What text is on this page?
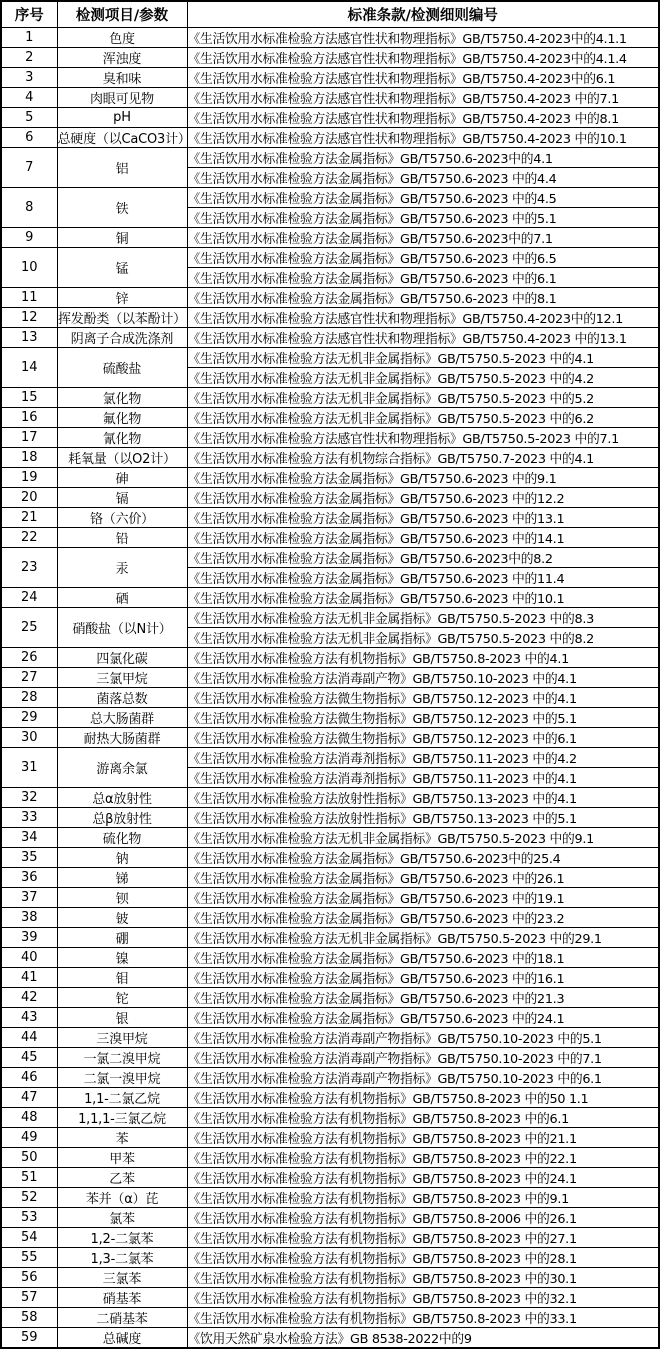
序号	检测项目/参数	标准条款/检测细则编号
1	色度	《生活饮用水标准检验方法感官性状和物理指标》GB/T5750.4-2023中的4.1.1
2	浑浊度	《生活饮用水标准检验方法感官性状和物理指标》GB/T5750.4-2023中的4.1.4
3	臭和味	《生活饮用水标准检验方法感官性状和物理指标》GB/T5750.4-2023中的6.1
4	肉眼可见物	《生活饮用水标准检验方法感官性状和物理指标》GB/T5750.4-2023 中的7.1
5	pH	《生活饮用水标准检验方法感官性状和物理指标》GB/T5750.4-2023 中的8.1
6	总硬度（以CaCO3计）	《生活饮用水标准检验方法感官性状和物理指标》GB/T5750.4-2023 中的10.1
7	铝	《生活饮用水标准检验方法金属指标》GB/T5750.6-2023中的4.1
		《生活饮用水标准检验方法金属指标》GB/T5750.6-2023 中的4.4
8	铁	《生活饮用水标准检验方法金属指标》GB/T5750.6-2023 中的4.5
		《生活饮用水标准检验方法金属指标》GB/T5750.6-2023 中的5.1
9	铜	《生活饮用水标准检验方法金属指标》GB/T5750.6-2023中的7.1
10	锰	《生活饮用水标准检验方法金属指标》GB/T5750.6-2023 中的6.5
		《生活饮用水标准检验方法金属指标》GB/T5750.6-2023 中的6.1
11	锌	《生活饮用水标准检验方法金属指标》GB/T5750.6-2023 中的8.1
12	挥发酚类（以苯酚计）	《生活饮用水标准检验方法感官性状和物理指标》GB/T5750.4-2023中的12.1
13	阴离子合成洗涤剂	《生活饮用水标准检验方法感官性状和物理指标》GB/T5750.4-2023 中的13.1
14	硫酸盐	《生活饮用水标准检验方法无机非金属指标》GB/T5750.5-2023 中的4.1
		《生活饮用水标准检验方法无机非金属指标》GB/T5750.5-2023 中的4.2
15	氯化物	《生活饮用水标准检验方法无机非金属指标》GB/T5750.5-2023 中的5.2
16	氟化物	《生活饮用水标准检验方法无机非金属指标》GB/T5750.5-2023 中的6.2
17	氰化物	《生活饮用水标准检验方法感官性状和物理指标》GB/T5750.5-2023 中的7.1
18	耗氧量（以O2计）	《生活饮用水标准检验方法有机物综合指标》GB/T5750.7-2023 中的4.1
19	砷	《生活饮用水标准检验方法金属指标》GB/T5750.6-2023 中的9.1
20	镉	《生活饮用水标准检验方法金属指标》GB/T5750.6-2023 中的12.2
21	铬（六价）	《生活饮用水标准检验方法金属指标》GB/T5750.6-2023 中的13.1
22	铅	《生活饮用水标准检验方法金属指标》GB/T5750.6-2023 中的14.1
23	汞	《生活饮用水标准检验方法金属指标》GB/T5750.6-2023中的8.2
		《生活饮用水标准检验方法金属指标》GB/T5750.6-2023 中的11.4
24	硒	《生活饮用水标准检验方法金属指标》GB/T5750.6-2023 中的10.1
25	硝酸盐（以N计）	《生活饮用水标准检验方法无机非金属指标》GB/T5750.5-2023 中的8.3
		《生活饮用水标准检验方法无机非金属指标》GB/T5750.5-2023 中的8.2
26	四氯化碳	《生活饮用水标准检验方法有机物指标》GB/T5750.8-2023 中的4.1
27	三氯甲烷	《生活饮用水标准检验方法消毒副产物》GB/T5750.10-2023 中的4.1
28	菌落总数	《生活饮用水标准检验方法微生物指标》GB/T5750.12-2023 中的4.1
29	总大肠菌群	《生活饮用水标准检验方法微生物指标》GB/T5750.12-2023 中的5.1
30	耐热大肠菌群	《生活饮用水标准检验方法微生物指标》GB/T5750.12-2023 中的6.1
31	游离余氯	《生活饮用水标准检验方法消毒剂指标》GB/T5750.11-2023 中的4.2
		《生活饮用水标准检验方法消毒剂指标》GB/T5750.11-2023 中的4.1
32	总α放射性	《生活饮用水标准检验方法放射性指标》GB/T5750.13-2023 中的4.1
33	总β放射性	《生活饮用水标准检验方法放射性指标》GB/T5750.13-2023 中的5.1
34	硫化物	《生活饮用水标准检验方法无机非金属指标》GB/T5750.5-2023 中的9.1
35	钠	《生活饮用水标准检验方法金属指标》GB/T5750.6-2023中的25.4
36	锑	《生活饮用水标准检验方法金属指标》GB/T5750.6-2023 中的26.1
37	钡	《生活饮用水标准检验方法金属指标》GB/T5750.6-2023 中的19.1
38	铍	《生活饮用水标准检验方法金属指标》GB/T5750.6-2023 中的23.2
39	硼	《生活饮用水标准检验方法无机非金属指标》GB/T5750.5-2023 中的29.1
40	镍	《生活饮用水标准检验方法金属指标》GB/T5750.6-2023 中的18.1
41	钼	《生活饮用水标准检验方法金属指标》GB/T5750.6-2023 中的16.1
42	铊	《生活饮用水标准检验方法金属指标》GB/T5750.6-2023 中的21.3
43	银	《生活饮用水标准检验方法金属指标》GB/T5750.6-2023 中的24.1
44	三溴甲烷	《生活饮用水标准检验方法消毒副产物指标》GB/T5750.10-2023 中的5.1
45	一氯二溴甲烷	《生活饮用水标准检验方法消毒副产物指标》GB/T5750.10-2023 中的7.1
46	二氯一溴甲烷	《生活饮用水标准检验方法消毒副产物指标》GB/T5750.10-2023 中的6.1
47	1,1-二氯乙烷	《生活饮用水标准检验方法有机物指标》GB/T5750.8-2023 中的50 1.1
48	1,1,1-三氯乙烷	《生活饮用水标准检验方法有机物指标》GB/T5750.8-2023 中的6.1
49	苯	《生活饮用水标准检验方法有机物指标》GB/T5750.8-2023 中的21.1
50	甲苯	《生活饮用水标准检验方法有机物指标》GB/T5750.8-2023 中的22.1
51	乙苯	《生活饮用水标准检验方法有机物指标》GB/T5750.8-2023 中的24.1
52	苯并（α）芘	《生活饮用水标准检验方法有机物指标》GB/T5750.8-2023 中的9.1
53	氯苯	《生活饮用水标准检验方法有机物指标》GB/T5750.8-2006 中的26.1
54	1,2-二氯苯	《生活饮用水标准检验方法有机物指标》GB/T5750.8-2023 中的27.1
55	1,3-二氯苯	《生活饮用水标准检验方法有机物指标》GB/T5750.8-2023 中的28.1
56	三氯苯	《生活饮用水标准检验方法有机物指标》GB/T5750.8-2023 中的30.1
57	硝基苯	《生活饮用水标准检验方法有机物指标》GB/T5750.8-2023 中的32.1
58	二硝基苯	《生活饮用水标准检验方法有机物指标》GB/T5750.8-2023 中的33.1
59	总碱度	《饮用天然矿泉水检验方法》GB 8538-2022中的9
